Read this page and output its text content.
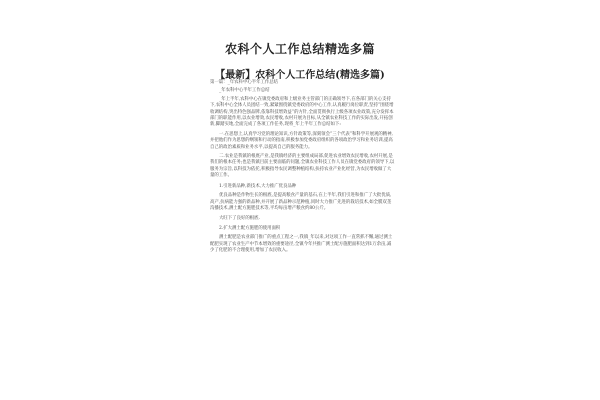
农科个人工作总结精选多篇
【最新】农科个人工作总结(精选多篇)

第一篇：_年农科中心半年工作总结

_年农科中心半年工作总结

_年上半年,农科中心在镇党委政府和上级业务主管部门的正确领导下,在各部门的关心支持下,农科中心全体人员团结一致,紧紧围绕镇党委政府的中心工作,认真履行岗位职责,坚持“围绕增收调结构,突出特色强品牌,依靠科技增效益”的方针,全面贯彻执行上级各项农业政策,充分发挥本部门的职能作用,以农业增效,农民增收,农村开展为目标,从全镇农业科技工作的实际出发,开拓创新,脚踏实地,全面完成了各项工作任务,现将_年上半年工作总结如下:

一.在思想上,认真学习党的理论知识,方针政策等,深刻领会“三个代表”和科学开展观的精神,并把他们作为思想的纲领和行动的指南,积极参加党委政府组织的各项政治学习和业务培训,提高自己的政治素质和业务水平,以提高自己的服务能力。

二.农业是我镇的根底产业,是我镇经济的主要组成局部,促进农业增效农民增收,农村开展,是我们的根本任务;也是我镇目前主要面临的问题,全镇农业科技工作人员在镇党委政府的领导下,以服务为宗旨,以科技为依托,积极指导农民调整种植结构,扶持农业产业化经营,为农民增收做了大量的工作。

1.引进新品种,新技术,大力推广优良品种

优良品种是作物生长的根底,是提高粮食产量的基石,在上半年,我们引进和推广了大批优质,高产,抗病能力强的新品种,并开展了新品种示范种植,同时大力推广先进的栽培技术,如全膜双垄沟播技术,测土配方施肥技术等,平均每亩增产粮食约80公斤。

大旺下了良好的根底.

2.扩大测土配方施肥的使用面积

测土配肥是农业部门推广的重点工程之一,我镇_年以来,对这项工作一直常抓不懈,通过测土配肥实现了农业生产中节本增效的重要途径,全镇今年共推广测土配方施肥面积达到1万余亩,减少了化肥的不合理使用,增加了农民收入。
